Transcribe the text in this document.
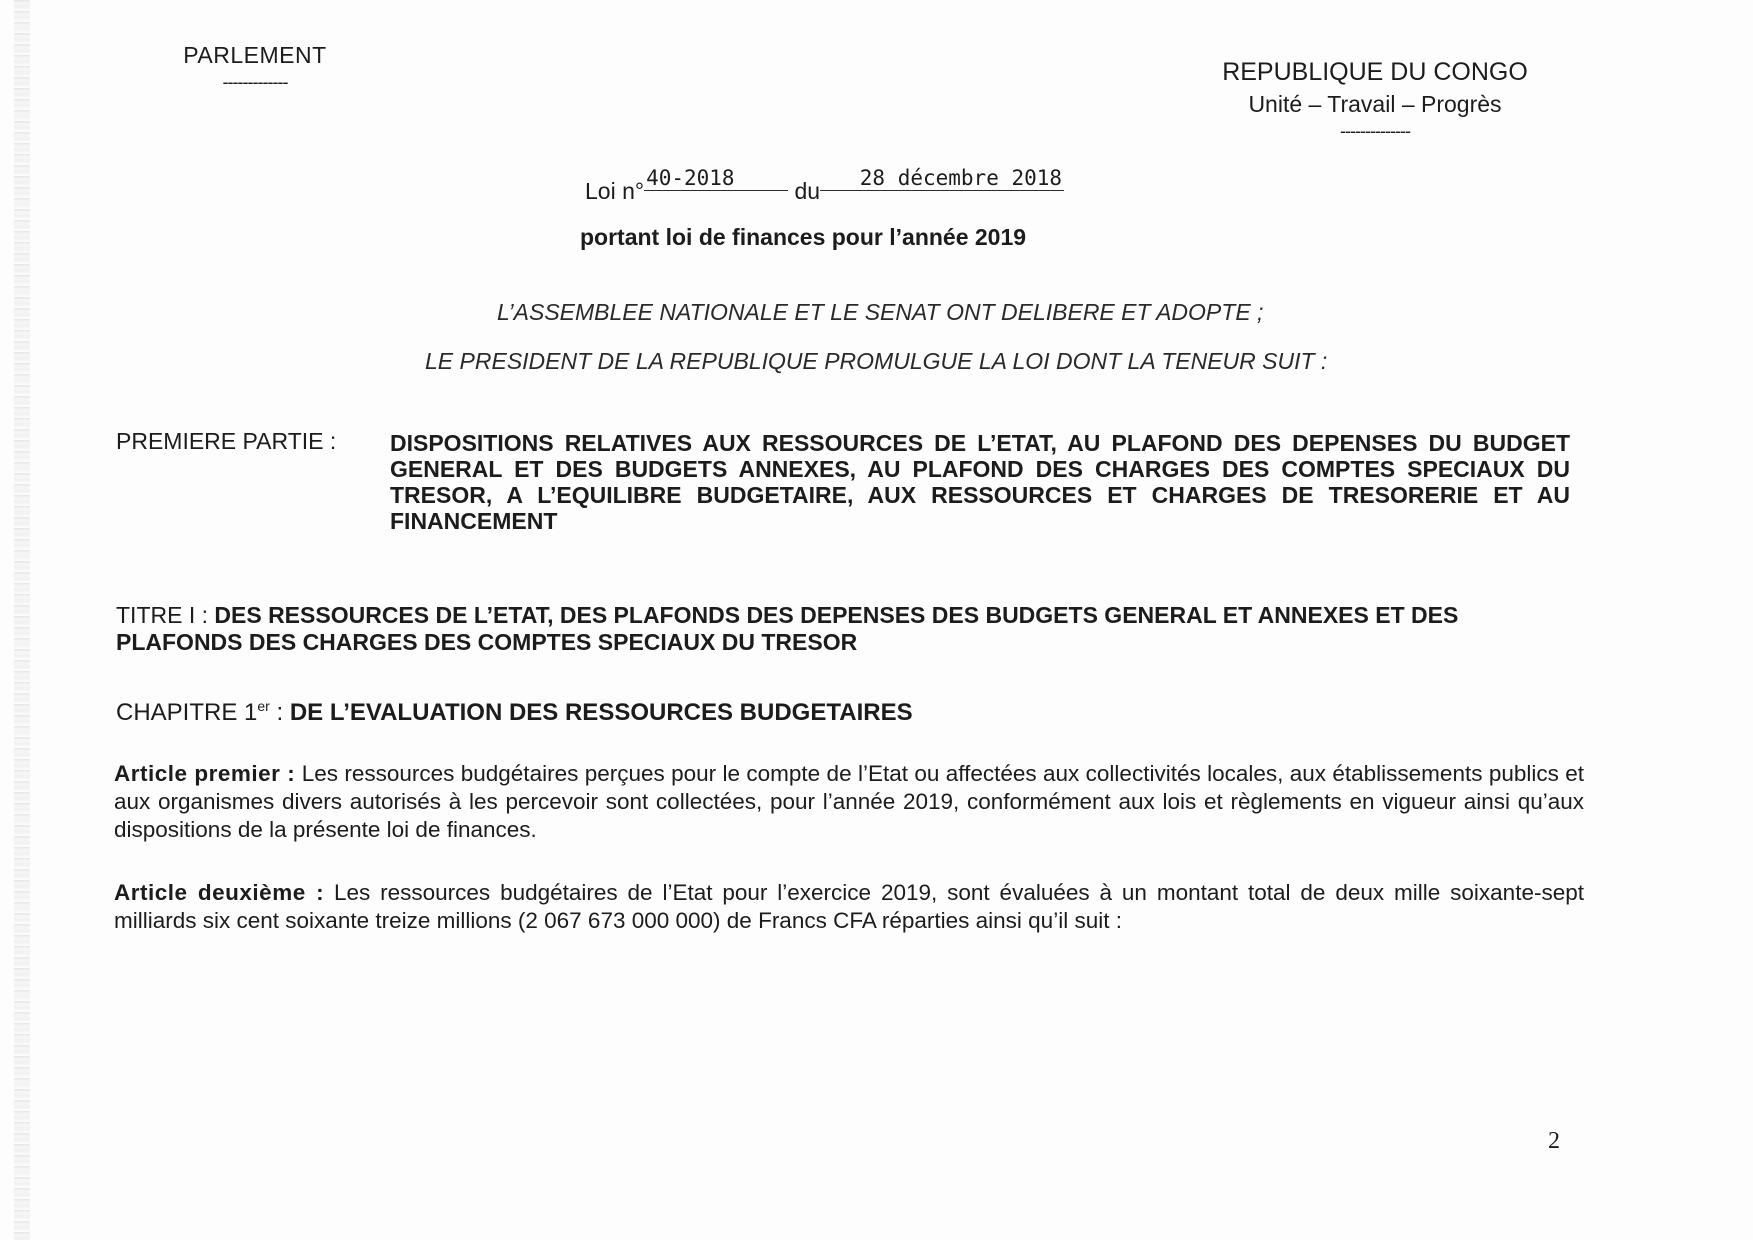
PARLEMENT
-------------	REPUBLIQUE DU CONGO
Unité – Travail – Progrès
--------------
Loi n°40-2018	du 28 décembre 2018
portant loi de finances pour l’année 2019
L’ASSEMBLEE NATIONALE ET LE SENAT ONT DELIBERE ET ADOPTE ;
LE PRESIDENT DE LA REPUBLIQUE PROMULGUE LA LOI DONT LA TENEUR SUIT :
PREMIERE PARTIE : DISPOSITIONS RELATIVES AUX RESSOURCES DE L’ETAT, AU PLAFOND DES DEPENSES DU BUDGET GENERAL ET DES BUDGETS ANNEXES, AU PLAFOND DES CHARGES DES COMPTES SPECIAUX DU TRESOR, A L’EQUILIBRE BUDGETAIRE, AUX RESSOURCES ET CHARGES DE TRESORERIE ET AU FINANCEMENT
TITRE I : DES RESSOURCES DE L’ETAT, DES PLAFONDS DES DEPENSES DES BUDGETS GENERAL ET ANNEXES ET DES PLAFONDS DES CHARGES DES COMPTES SPECIAUX DU TRESOR
CHAPITRE 1er : DE L’EVALUATION DES RESSOURCES BUDGETAIRES
Article premier : Les ressources budgétaires perçues pour le compte de l’Etat ou affectées aux collectivités locales, aux établissements publics et aux organismes divers autorisés à les percevoir sont collectées, pour l’année 2019, conformément aux lois et règlements en vigueur ainsi qu’aux dispositions de la présente loi de finances.
Article deuxième : Les ressources budgétaires de l’Etat pour l’exercice 2019, sont évaluées à un montant total de deux mille soixante-sept milliards six cent soixante treize millions (2 067 673 000 000) de Francs CFA réparties ainsi qu’il suit :
2
